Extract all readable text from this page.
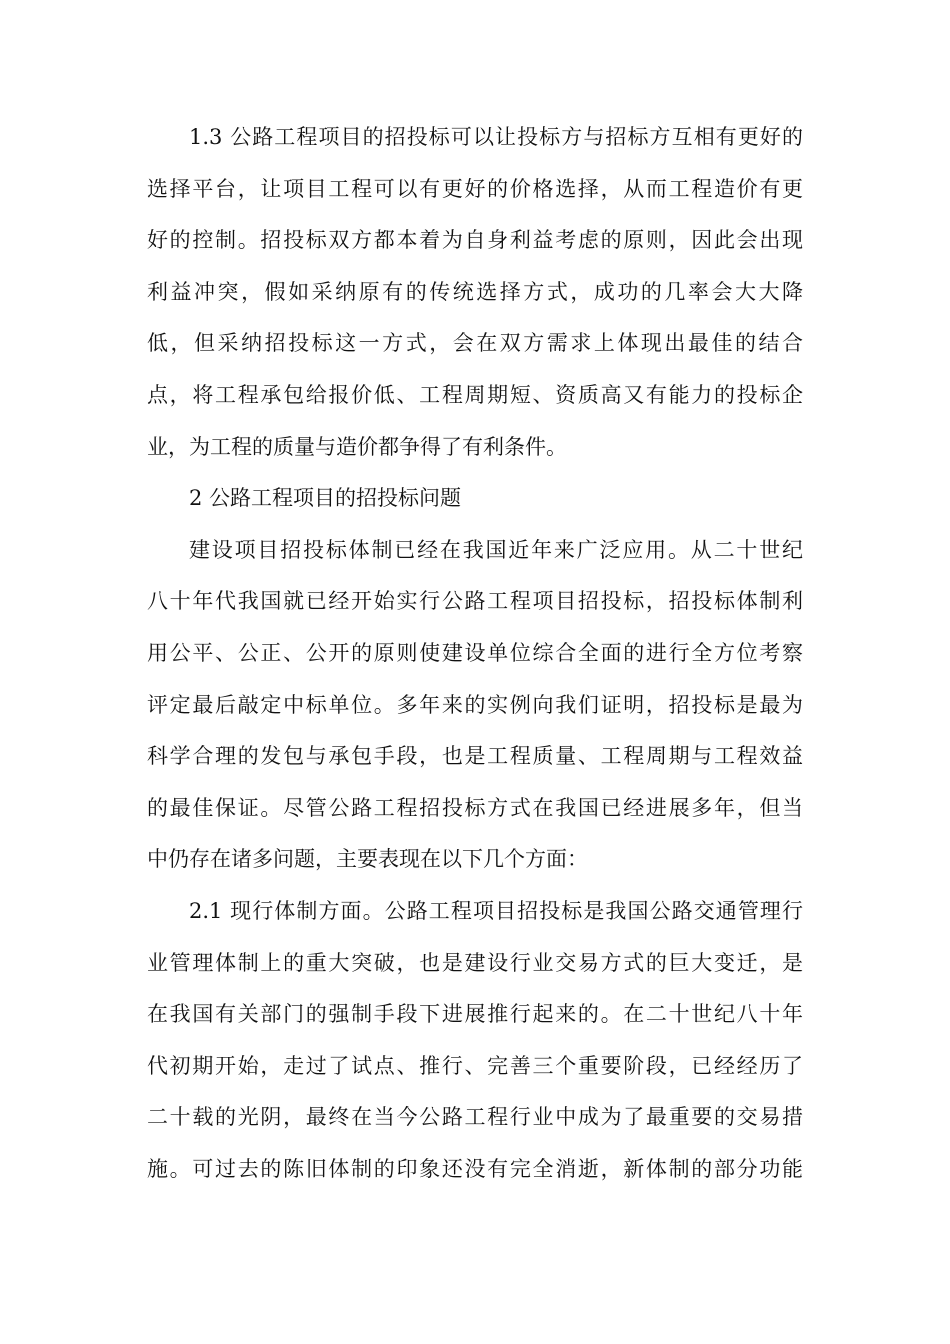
1.3 公路工程项目的招投标可以让投标方与招标方互相有更好的
选择平台，让项目工程可以有更好的价格选择，从而工程造价有更
好的控制。招投标双方都本着为自身利益考虑的原则，因此会出现
利益冲突，假如采纳原有的传统选择方式，成功的几率会大大降
低，但采纳招投标这一方式，会在双方需求上体现出最佳的结合
点，将工程承包给报价低、工程周期短、资质高又有能力的投标企
业，为工程的质量与造价都争得了有利条件。

2 公路工程项目的招投标问题

建设项目招投标体制已经在我国近年来广泛应用。从二十世纪
八十年代我国就已经开始实行公路工程项目招投标，招投标体制利
用公平、公正、公开的原则使建设单位综合全面的进行全方位考察
评定最后敲定中标单位。多年来的实例向我们证明，招投标是最为
科学合理的发包与承包手段，也是工程质量、工程周期与工程效益
的最佳保证。尽管公路工程招投标方式在我国已经进展多年，但当
中仍存在诸多问题，主要表现在以下几个方面：

2.1 现行体制方面。公路工程项目招投标是我国公路交通管理行
业管理体制上的重大突破，也是建设行业交易方式的巨大变迁，是
在我国有关部门的强制手段下进展推行起来的。在二十世纪八十年
代初期开始，走过了试点、推行、完善三个重要阶段，已经经历了
二十载的光阴，最终在当今公路工程行业中成为了最重要的交易措
施。可过去的陈旧体制的印象还没有完全消逝，新体制的部分功能
